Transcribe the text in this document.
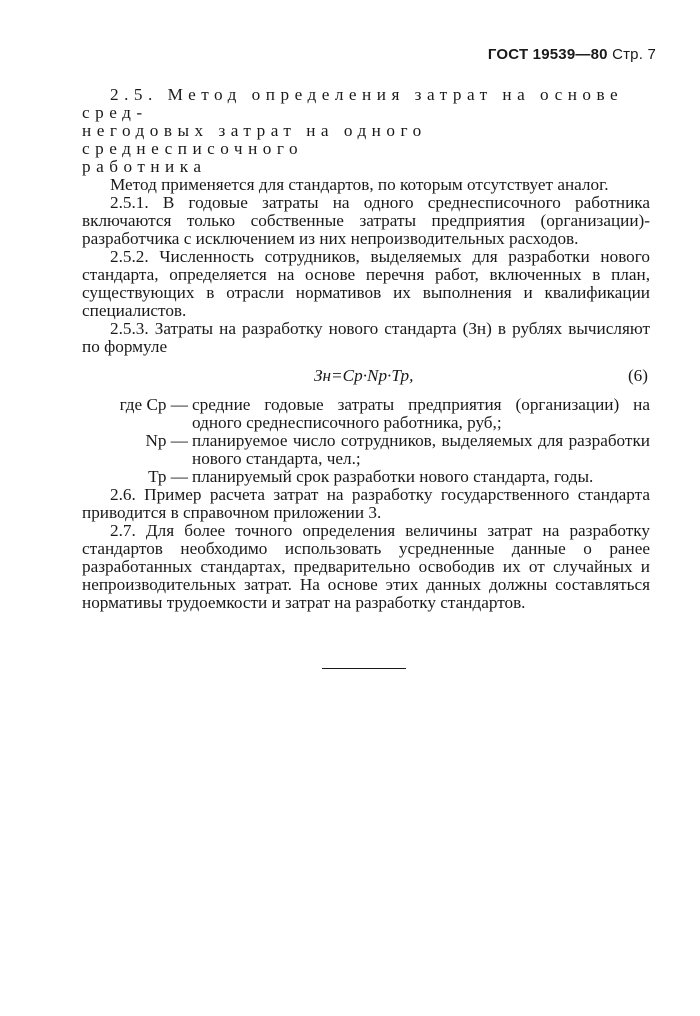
ГОСТ 19539—80 Стр. 7

2.5. Метод определения затрат на основе сред-

негодовых затрат на одного среднесписочного

работника

Метод применяется для стандартов, по которым отсутствует аналог.

2.5.1. В годовые затраты на одного среднесписочного работника включаются только собственные затраты предприятия (организации)-разработчика с исключением из них непроизводительных расходов.

2.5.2. Численность сотрудников, выделяемых для разработки нового стандарта, определяется на основе перечня работ, включенных в план, существующих в отрасли нормативов их выполнения и квалификации специалистов.

2.5.3. Затраты на разработку нового стандарта (Зн) в рублях вычисляют по формуле

Зн=Ср·Nр·Тр,	(6)
где Ср — средние годовые затраты предприятия (организации) на одного среднесписочного работника, руб,;
Nр — планируемое число сотрудников, выделяемых для разработки нового стандарта, чел.;
Тр — планируемый срок разработки нового стандарта, годы.

2.6. Пример расчета затрат на разработку государственного стандарта приводится в справочном приложении 3.

2.7. Для более точного определения величины затрат на разработку стандартов необходимо использовать усредненные данные о ранее разработанных стандартах, предварительно освободив их от случайных и непроизводительных затрат. На основе этих данных должны составляться нормативы трудоемкости и затрат на разработку стандартов.
